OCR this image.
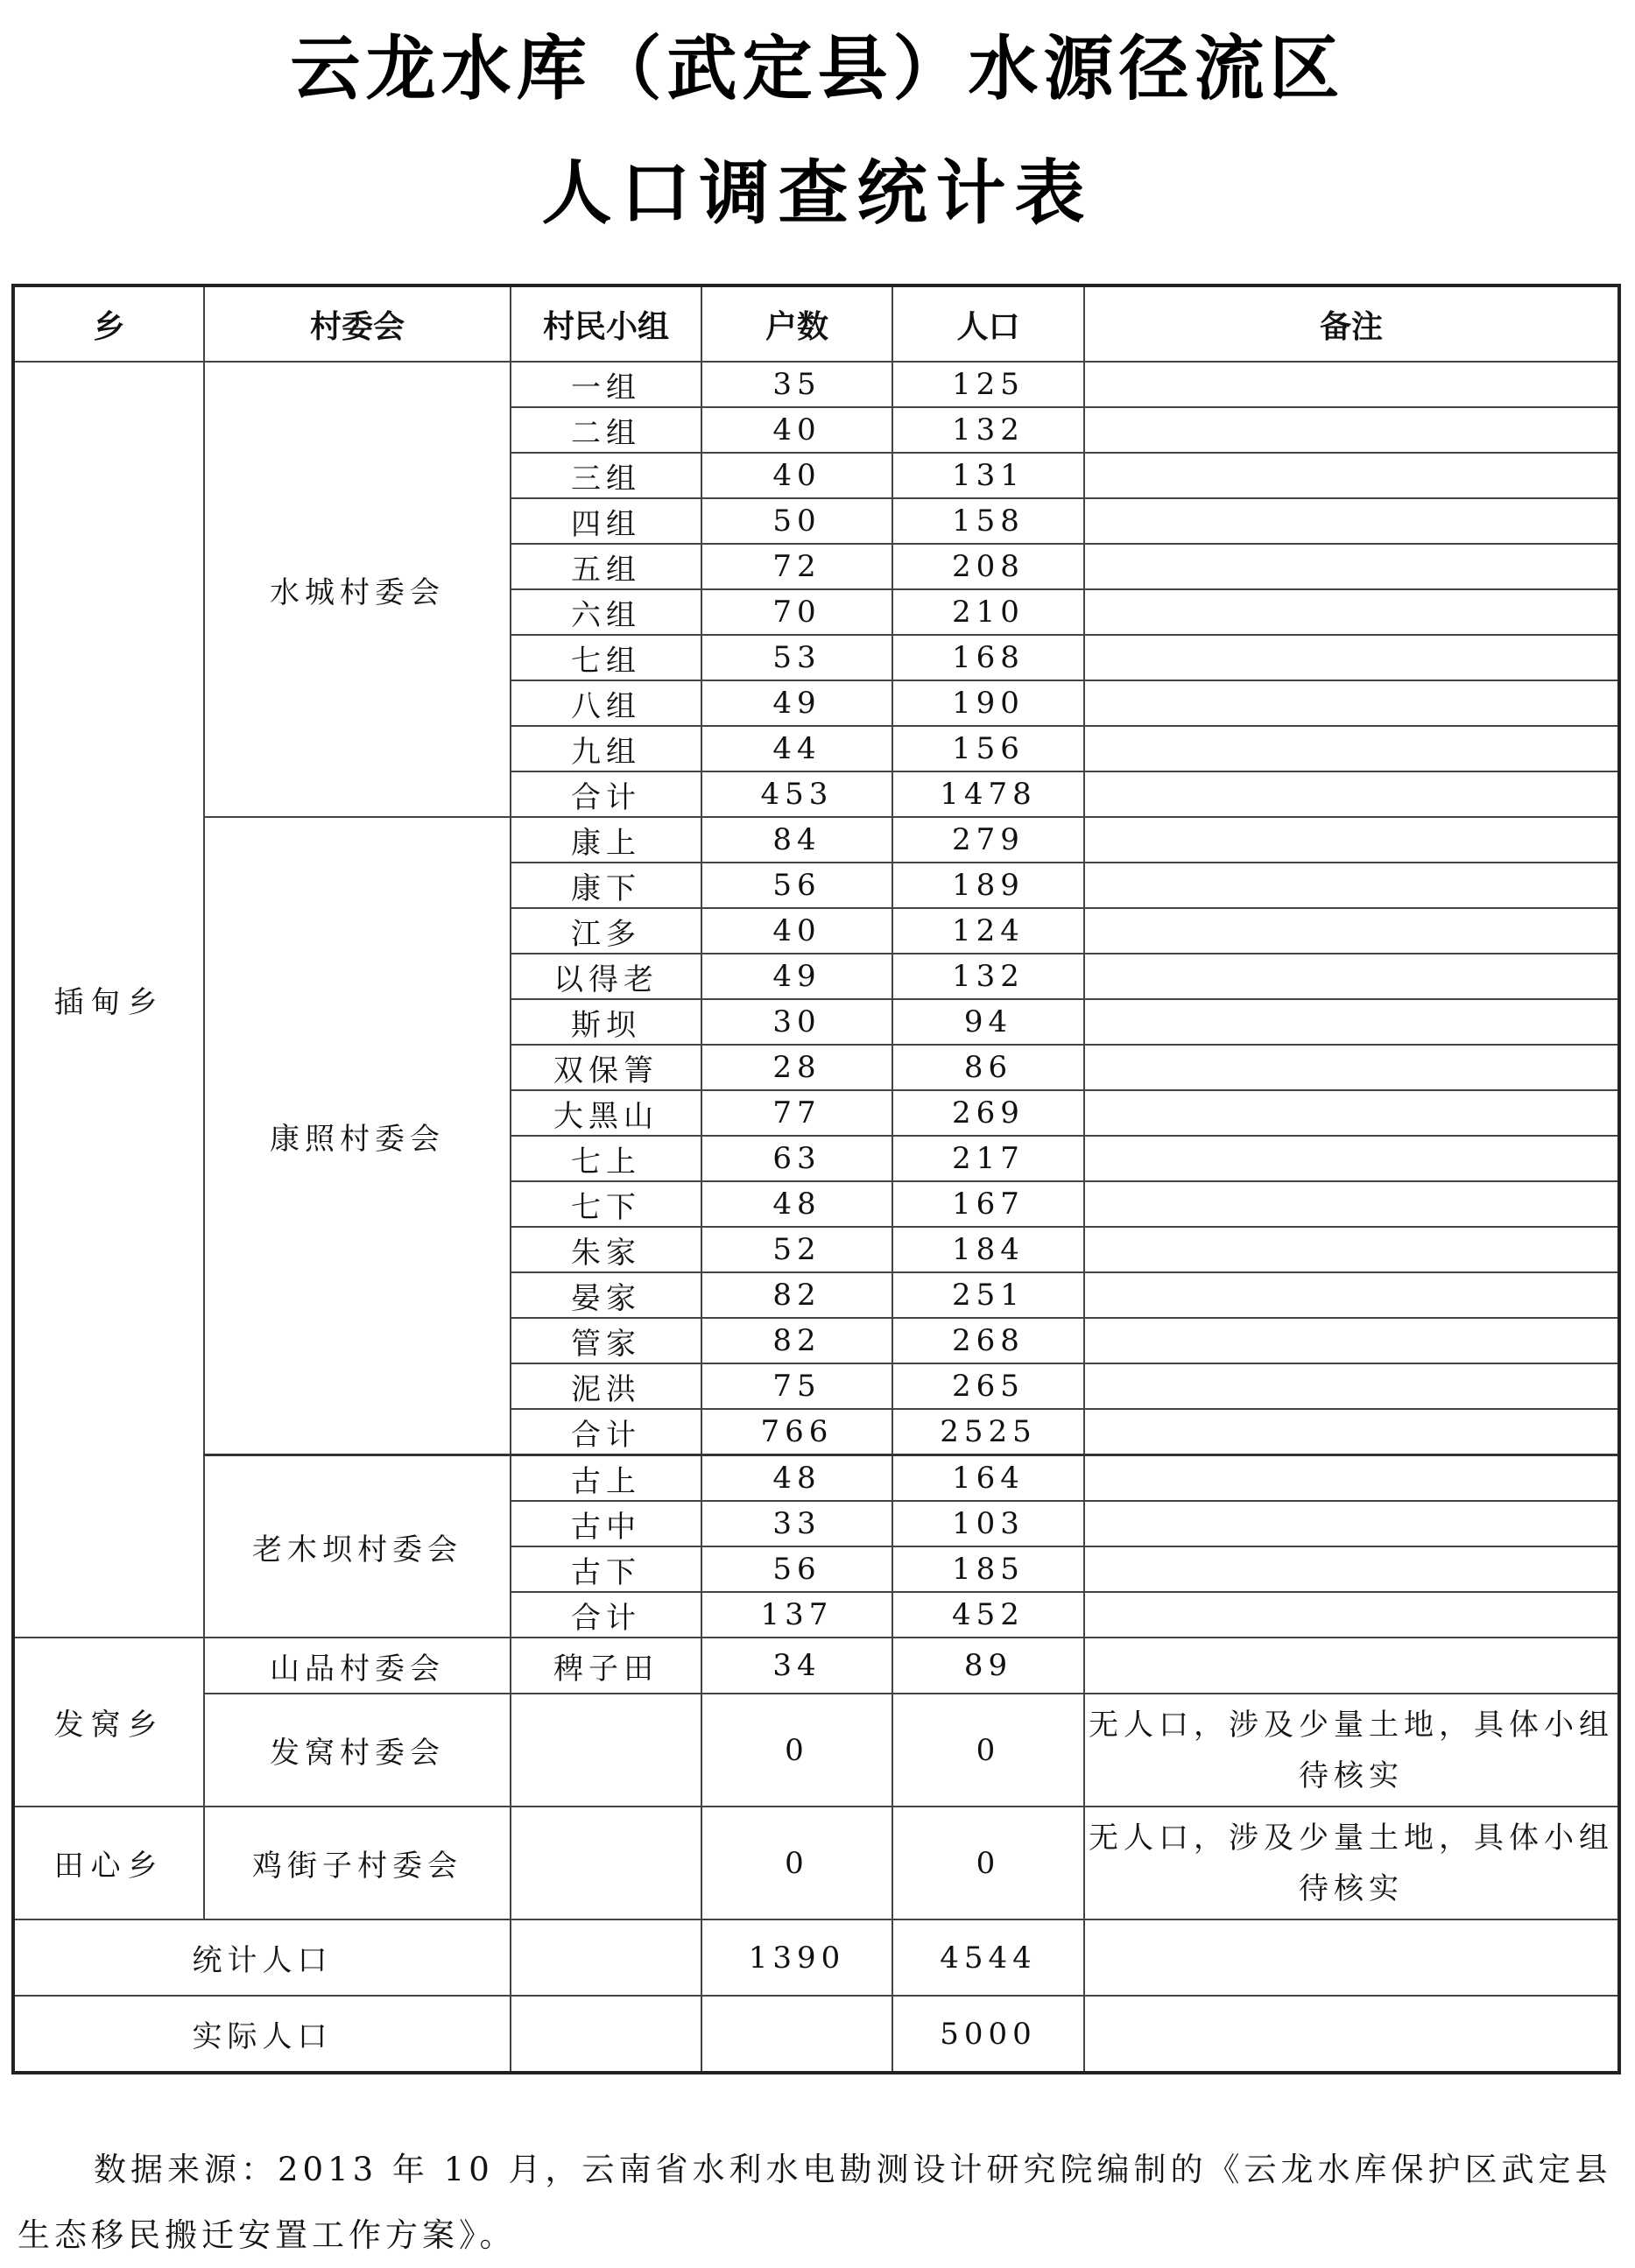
云龙水库（武定县）水源径流区
人口调查统计表
乡	村委会	村民小组	户数	人口	备注
插甸乡	水城村委会	一组	35	125	
		二组	40	132	
		三组	40	131	
		四组	50	158	
		五组	72	208	
		六组	70	210	
		七组	53	168	
		八组	49	190	
		九组	44	156	
		合计	453	1478	
	康照村委会	康上	84	279	
		康下	56	189	
		江多	40	124	
		以得老	49	132	
		斯坝	30	94	
		双保箐	28	86	
		大黑山	77	269	
		七上	63	217	
		七下	48	167	
		朱家	52	184	
		晏家	82	251	
		管家	82	268	
		泥洪	75	265	
		合计	766	2525	
	老木坝村委会	古上	48	164	
		古中	33	103	
		古下	56	185	
		合计	137	452	
发窝乡	山品村委会	稗子田	34	89	
	发窝村委会		0	0	无人口，涉及少量土地，具体小组待核实
田心乡	鸡街子村委会		0	0	无人口，涉及少量土地，具体小组待核实
统计人口			1390	4544	
实际人口				5000	
数据来源：2013 年 10 月，云南省水利水电勘测设计研究院编制的《云龙水库保护区武定县生态移民搬迁安置工作方案》。
